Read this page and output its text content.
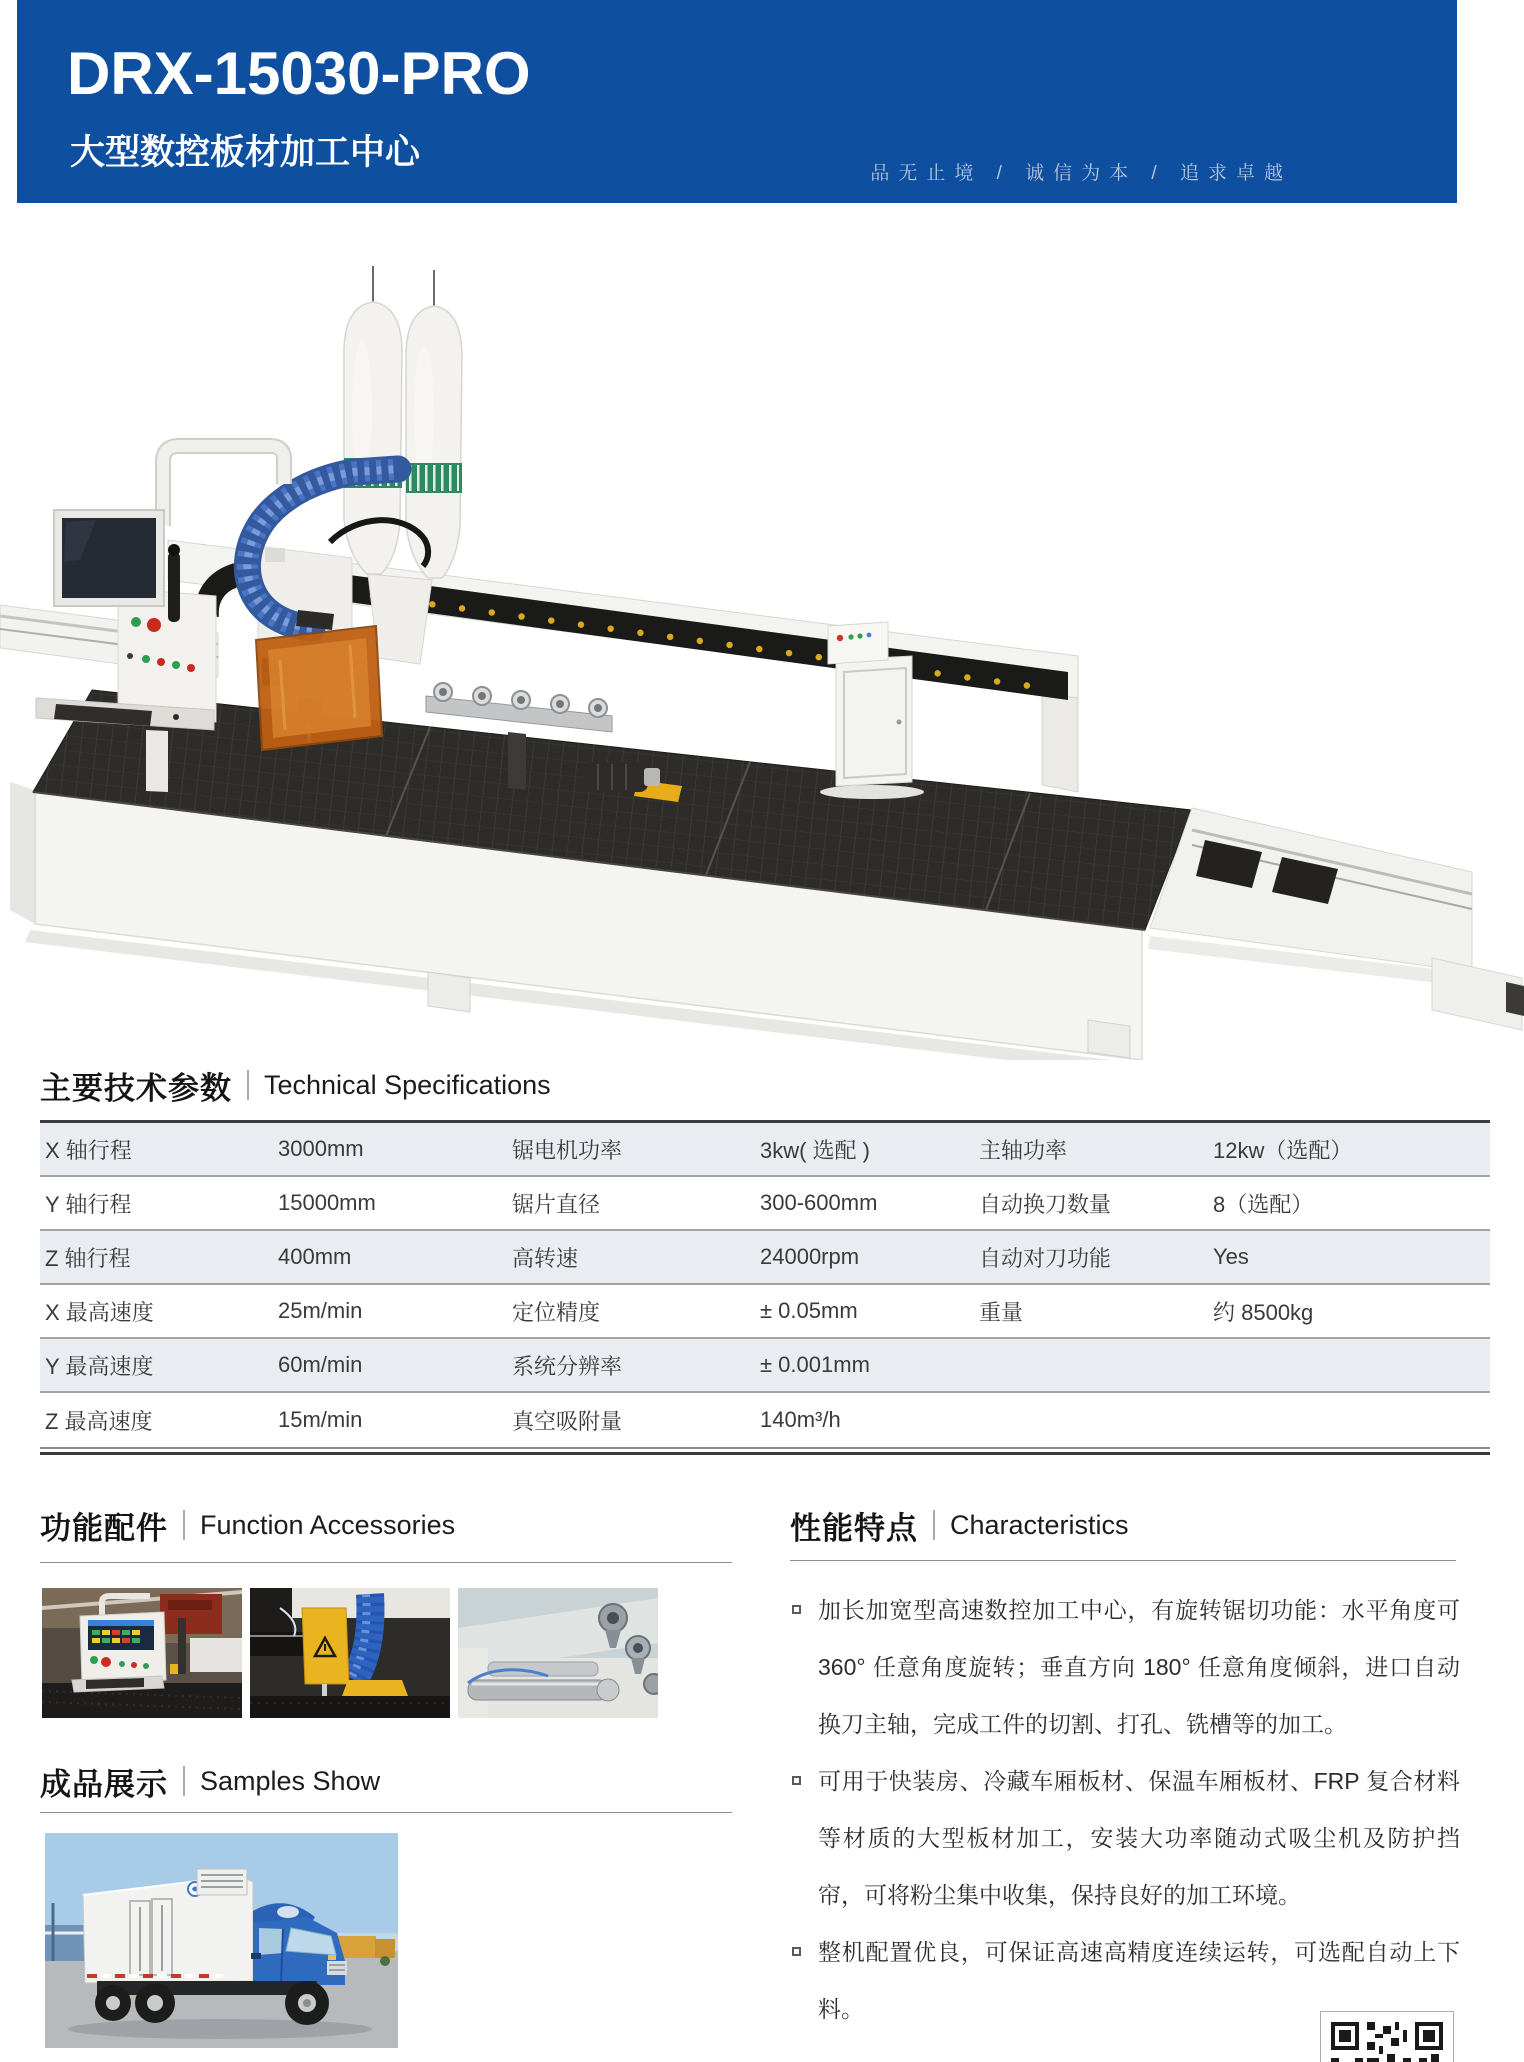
DRX-15030-PRO
大型数控板材加工中心
品无止境 / 诚信为本 / 追求卓越
主要技术参数 Technical Specifications
X 轴行程	3000mm	锯电机功率	3kw( 选配 )	主轴功率	12kw（选配）
Y 轴行程	15000mm	锯片直径	300-600mm	自动换刀数量	8（选配）
Z 轴行程	400mm	高转速	24000rpm	自动对刀功能	Yes
X 最高速度	25m/min	定位精度	± 0.05mm	重量	约 8500kg
Y 最高速度	60m/min	系统分辨率	± 0.001mm
Z 最高速度	15m/min	真空吸附量	140m³/h
功能配件 Function Accessories	性能特点 Characteristics
加长加宽型高速数控加工中心，有旋转锯切功能：水平角度可 360° 任意角度旋转；垂直方向 180° 任意角度倾斜，进口自动换刀主轴，完成工件的切割、打孔、铣槽等的加工。
可用于快装房、冷藏车厢板材、保温车厢板材、FRP 复合材料等材质的大型板材加工，安装大功率随动式吸尘机及防护挡帘，可将粉尘集中收集，保持良好的加工环境。
整机配置优良，可保证高速高精度连续运转，可选配自动上下料。
成品展示 Samples Show
